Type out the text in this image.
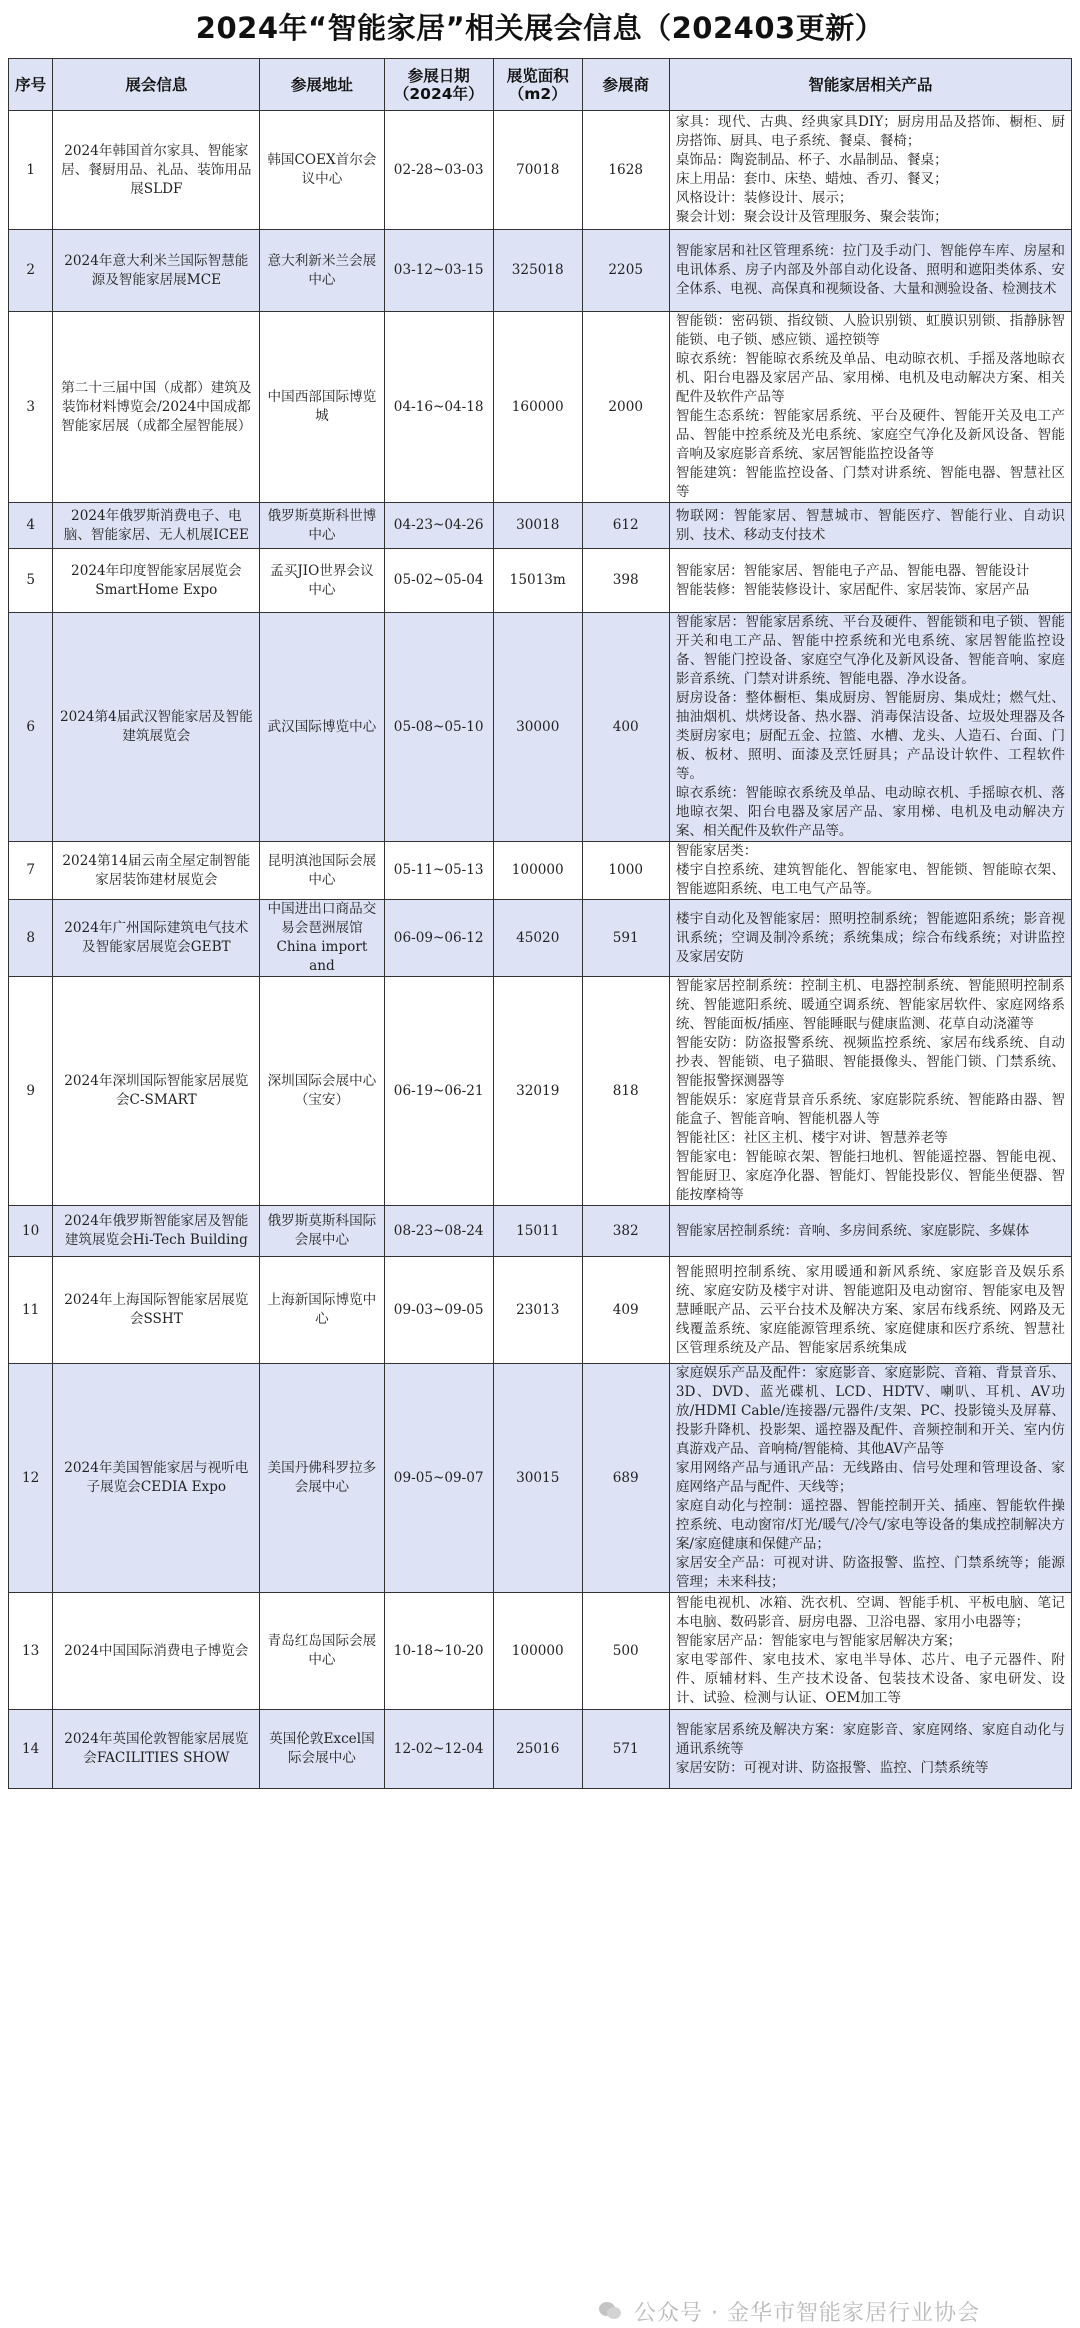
2024年“智能家居”相关展会信息（202403更新）
序号	展会信息	参展地址	参展日期（2024年）	展览面积（m2）	参展商	智能家居相关产品
1	2024年韩国首尔家具、智能家居、餐厨用品、礼品、装饰用品展SLDF	韩国COEX首尔会议中心	02-28~03-03	70018	1628	家具：现代、古典、经典家具DIY；厨房用品及搭饰、橱柜、厨房搭饰、厨具、电子系统、餐桌、餐椅；

桌饰品：陶瓷制品、杯子、水晶制品、餐桌；

床上用品：套巾、床垫、蜡烛、香刃、餐叉；

风格设计：装修设计、展示；

聚会计划：聚会设计及管理服务、聚会装饰；

2	2024年意大利米兰国际智慧能源及智能家居展MCE	意大利新米兰会展中心	03-12~03-15	325018	2205	智能家居和社区管理系统：拉门及手动门、智能停车库、房屋和电讯体系、房子内部及外部自动化设备、照明和遮阳类体系、安全体系、电视、高保真和视频设备、大量和测验设备、检测技术

3	第二十三届中国（成都）建筑及装饰材料博览会/2024中国成都智能家居展（成都全屋智能展）	中国西部国际博览城	04-16~04-18	160000	2000	智能锁：密码锁、指纹锁、人脸识别锁、虹膜识别锁、指静脉智能锁、电子锁、感应锁、遥控锁等

晾衣系统：智能晾衣系统及单品、电动晾衣机、手摇及落地晾衣机、阳台电器及家居产品、家用梯、电机及电动解决方案、相关配件及软件产品等

智能生态系统：智能家居系统、平台及硬件、智能开关及电工产品、智能中控系统及光电系统、家庭空气净化及新风设备、智能音响及家庭影音系统、家居智能监控设备等

智能建筑：智能监控设备、门禁对讲系统、智能电器、智慧社区等

4	2024年俄罗斯消费电子、电脑、智能家居、无人机展ICEE	俄罗斯莫斯科世博中心	04-23~04-26	30018	612	物联网：智能家居、智慧城市、智能医疗、智能行业、自动识别、技术、移动支付技术

5	2024年印度智能家居展览会SmartHome Expo	孟买JIO世界会议中心	05-02~05-04	15013m	398	智能家居：智能家居、智能电子产品、智能电器、智能设计

智能装修：智能装修设计、家居配件、家居装饰、家居产品

6	2024第4届武汉智能家居及智能建筑展览会	武汉国际博览中心	05-08~05-10	30000	400	智能家居：智能家居系统、平台及硬件、智能锁和电子锁、智能开关和电工产品、智能中控系统和光电系统、家居智能监控设备、智能门控设备、家庭空气净化及新风设备、智能音响、家庭影音系统、门禁对讲系统、智能电器、净水设备。

厨房设备：整体橱柜、集成厨房、智能厨房、集成灶；燃气灶、抽油烟机、烘烤设备、热水器、消毒保洁设备、垃圾处理器及各类厨房家电；厨配五金、拉篮、水槽、龙头、人造石、台面、门板、板材、照明、面漆及烹饪厨具；产品设计软件、工程软件等。

晾衣系统：智能晾衣系统及单品、电动晾衣机、手摇晾衣机、落地晾衣架、阳台电器及家居产品、家用梯、电机及电动解决方案、相关配件及软件产品等。

7	2024第14届云南全屋定制智能家居装饰建材展览会	昆明滇池国际会展中心	05-11~05-13	100000	1000	智能家居类：

楼宇自控系统、建筑智能化、智能家电、智能锁、智能晾衣架、智能遮阳系统、电工电气产品等。

8	2024年广州国际建筑电气技术及智能家居展览会GEBT	中国进出口商品交易会琶洲展馆 China import and	06-09~06-12	45020	591	楼宇自动化及智能家居：照明控制系统；智能遮阳系统；影音视讯系统；空调及制冷系统；系统集成；综合布线系统；对讲监控及家居安防

9	2024年深圳国际智能家居展览会C-SMART	深圳国际会展中心（宝安）	06-19~06-21	32019	818	智能家居控制系统：控制主机、电器控制系统、智能照明控制系统、智能遮阳系统、暖通空调系统、智能家居软件、家庭网络系统、智能面板/插座、智能睡眠与健康监测、花草自动浇灌等

智能安防：防盗报警系统、视频监控系统、家居布线系统、自动抄表、智能锁、电子猫眼、智能摄像头、智能门锁、门禁系统、智能报警探测器等

智能娱乐：家庭背景音乐系统、家庭影院系统、智能路由器、智能盒子、智能音响、智能机器人等

智能社区：社区主机、楼宇对讲、智慧养老等

智能家电：智能晾衣架、智能扫地机、智能遥控器、智能电视、智能厨卫、家庭净化器、智能灯、智能投影仪、智能坐便器、智能按摩椅等

10	2024年俄罗斯智能家居及智能建筑展览会Hi-Tech Building	俄罗斯莫斯科国际会展中心	08-23~08-24	15011	382	智能家居控制系统：音响、多房间系统、家庭影院、多媒体

11	2024年上海国际智能家居展览会SSHT	上海新国际博览中心	09-03~09-05	23013	409	智能照明控制系统、家用暖通和新风系统、家庭影音及娱乐系统、家庭安防及楼宇对讲、智能遮阳及电动窗帘、智能家电及智慧睡眠产品、云平台技术及解决方案、家居布线系统、网路及无线覆盖系统、家庭能源管理系统、家庭健康和医疗系统、智慧社区管理系统及产品、智能家居系统集成

12	2024年美国智能家居与视听电子展览会CEDIA Expo	美国丹佛科罗拉多会展中心	09-05~09-07	30015	689	家庭娱乐产品及配件：家庭影音、家庭影院、音箱、背景音乐、3D、DVD、蓝光碟机、LCD、HDTV、喇叭、耳机、AV功放/HDMI Cable/连接器/元器件/支架、PC、投影镜头及屏幕、投影升降机、投影架、遥控器及配件、音频控制和开关、室内仿真游戏产品、音响椅/智能椅、其他AV产品等

家用网络产品与通讯产品：无线路由、信号处理和管理设备、家庭网络产品与配件、天线等；

家庭自动化与控制：遥控器、智能控制开关、插座、智能软件操控系统、电动窗帘/灯光/暖气/冷气/家电等设备的集成控制解决方案/家庭健康和保健产品；

家居安全产品：可视对讲、防盗报警、监控、门禁系统等；能源管理；未来科技；

13	2024中国国际消费电子博览会	青岛红岛国际会展中心	10-18~10-20	100000	500	智能电视机、冰箱、洗衣机、空调、智能手机、平板电脑、笔记本电脑、数码影音、厨房电器、卫浴电器、家用小电器等；

智能家居产品：智能家电与智能家居解决方案；

家电零部件、家电技术、家电半导体、芯片、电子元器件、附件、原辅材料、生产技术设备、包装技术设备、家电研发、设计、试验、检测与认证、OEM加工等

14	2024年英国伦敦智能家居展览会FACILITIES SHOW	英国伦敦Excel国际会展中心	12-02~12-04	25016	571	智能家居系统及解决方案：家庭影音、家庭网络、家庭自动化与通讯系统等

家居安防：可视对讲、防盗报警、监控、门禁系统等

公众号 · 金华市智能家居行业协会
